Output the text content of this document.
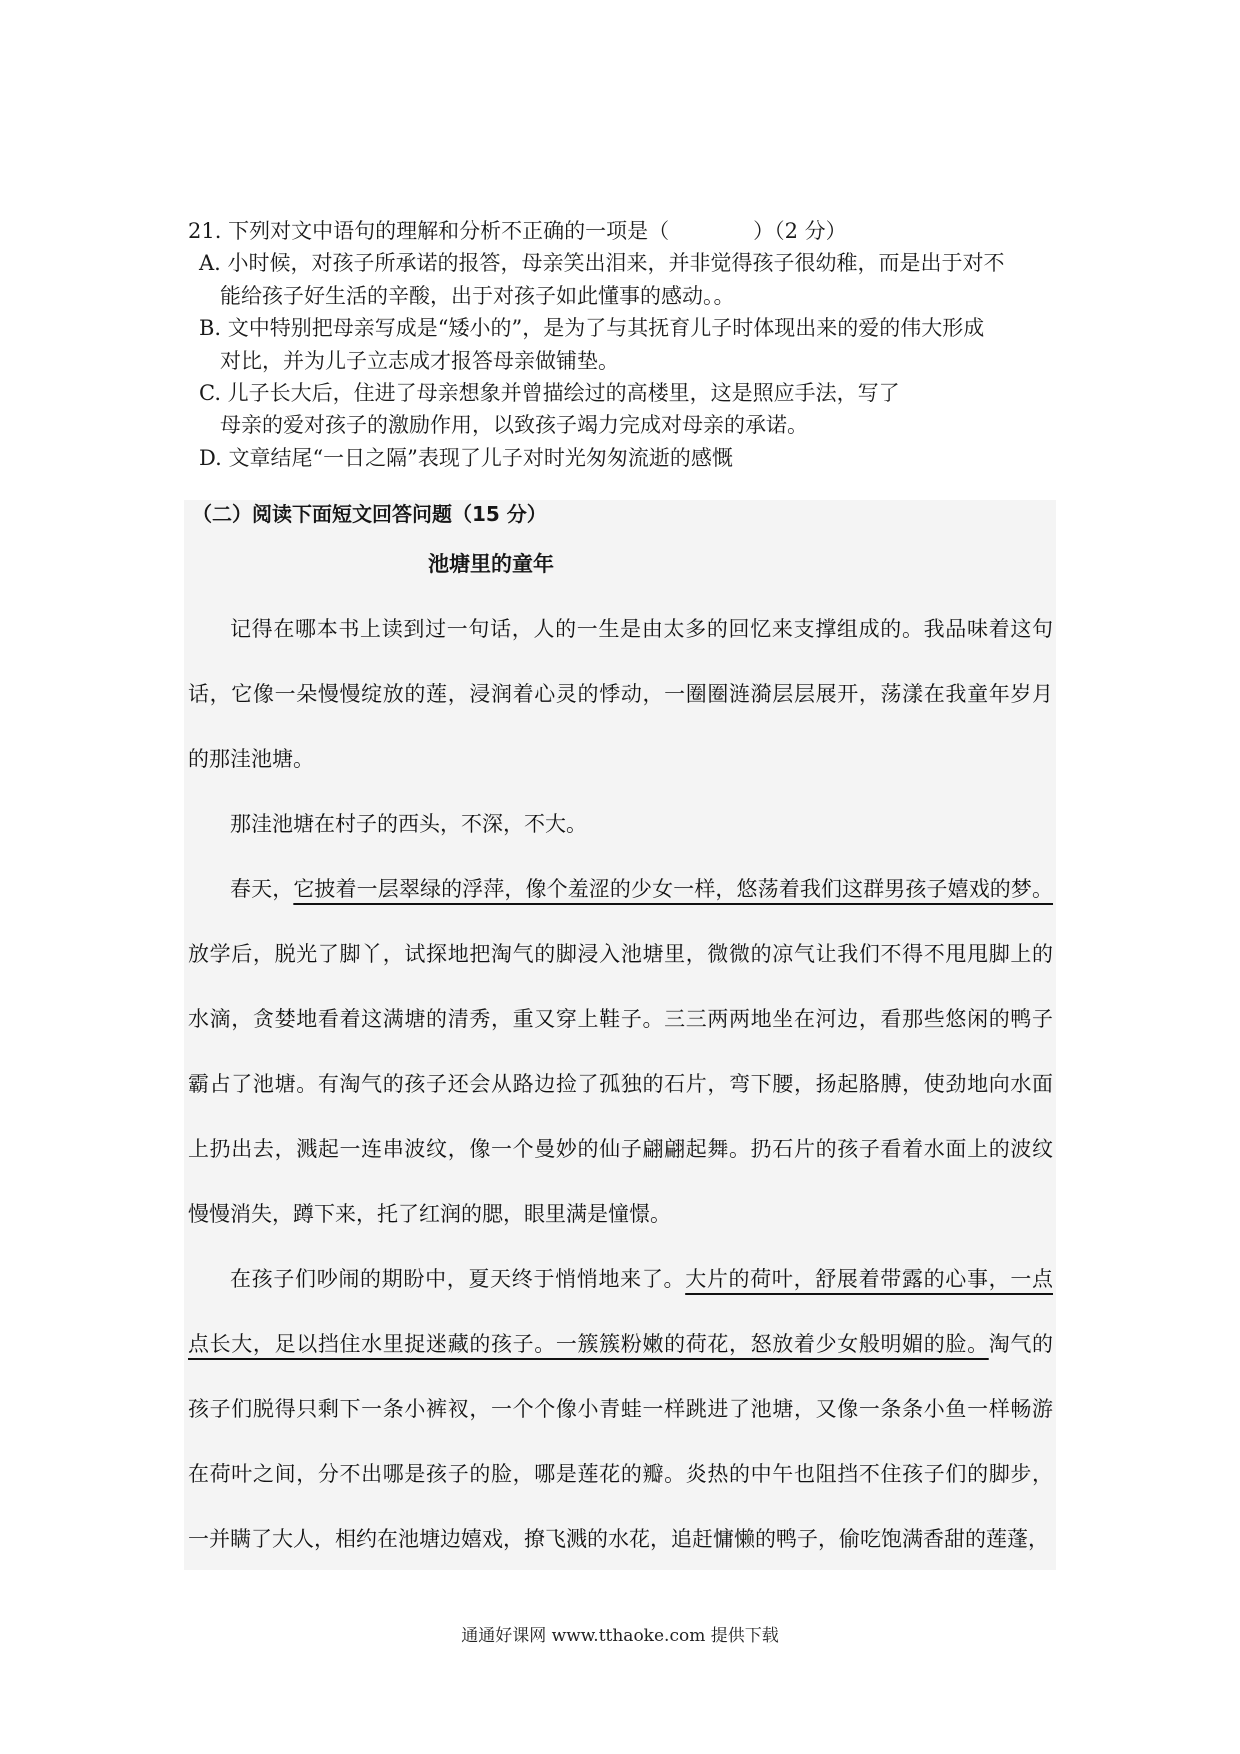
21. 下列对文中语句的理解和分析不正确的一项是（　　　　）（2 分）
A. 小时候，对孩子所承诺的报答，母亲笑出泪来，并非觉得孩子很幼稚，而是出于对不
能给孩子好生活的辛酸，出于对孩子如此懂事的感动。。
B. 文中特别把母亲写成是“矮小的”，是为了与其抚育儿子时体现出来的爱的伟大形成
对比，并为儿子立志成才报答母亲做铺垫。
C. 儿子长大后，住进了母亲想象并曾描绘过的高楼里，这是照应手法，写了
母亲的爱对孩子的激励作用，以致孩子竭力完成对母亲的承诺。
D. 文章结尾“一日之隔”表现了儿子对时光匆匆流逝的感慨
（二）阅读下面短文回答问题（15 分）
池塘里的童年
记得在哪本书上读到过一句话，人的一生是由太多的回忆来支撑组成的。我品味着这句
话，它像一朵慢慢绽放的莲，浸润着心灵的悸动，一圈圈涟漪层层展开，荡漾在我童年岁月
的那洼池塘。
那洼池塘在村子的西头，不深，不大。
春天，它披着一层翠绿的浮萍，像个羞涩的少女一样，悠荡着我们这群男孩子嬉戏的梦。
放学后，脱光了脚丫，试探地把淘气的脚浸入池塘里，微微的凉气让我们不得不甩甩脚上的
水滴，贪婪地看着这满塘的清秀，重又穿上鞋子。三三两两地坐在河边，看那些悠闲的鸭子
霸占了池塘。有淘气的孩子还会从路边捡了孤独的石片，弯下腰，扬起胳膊，使劲地向水面
上扔出去，溅起一连串波纹，像一个曼妙的仙子翩翩起舞。扔石片的孩子看着水面上的波纹
慢慢消失，蹲下来，托了红润的腮，眼里满是憧憬。
在孩子们吵闹的期盼中，夏天终于悄悄地来了。大片的荷叶，舒展着带露的心事，一点
点长大，足以挡住水里捉迷藏的孩子。一簇簇粉嫩的荷花，怒放着少女般明媚的脸。淘气的
孩子们脱得只剩下一条小裤衩，一个个像小青蛙一样跳进了池塘，又像一条条小鱼一样畅游
在荷叶之间，分不出哪是孩子的脸，哪是莲花的瓣。炎热的中午也阻挡不住孩子们的脚步，
一并瞒了大人，相约在池塘边嬉戏，撩飞溅的水花，追赶慵懒的鸭子，偷吃饱满香甜的莲蓬，
通通好课网 www.tthaoke.com 提供下载
